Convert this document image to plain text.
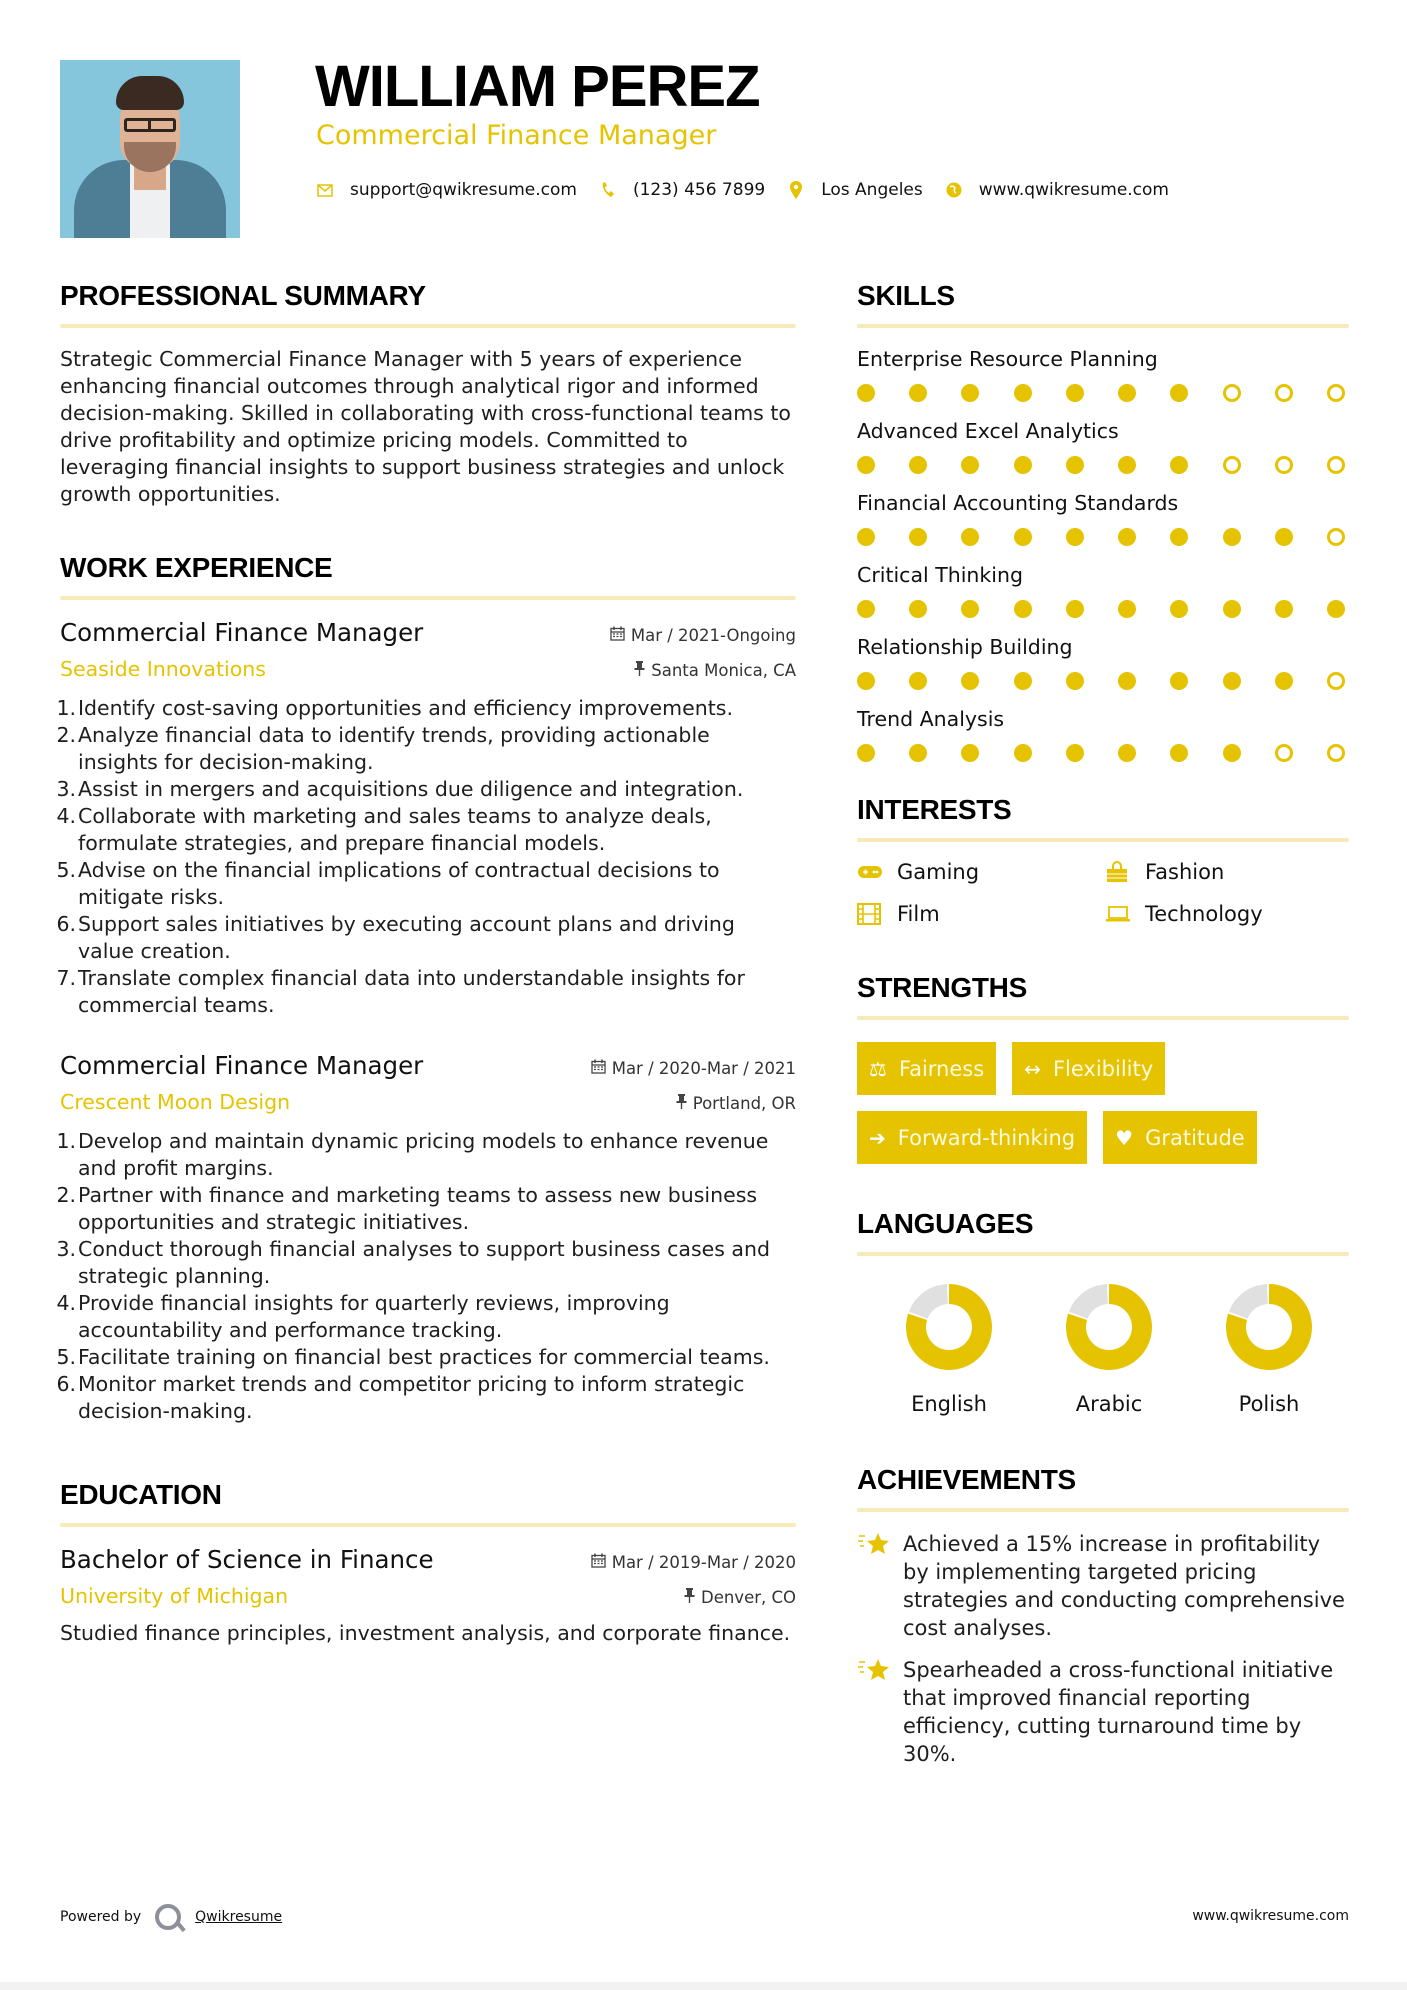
WILLIAM PEREZ
Commercial Finance Manager
support@qwikresume.com	(123) 456 7899	Los Angeles	www.qwikresume.com
PROFESSIONAL SUMMARY

Strategic Commercial Finance Manager with 5 years of experience enhancing financial outcomes through analytical rigor and informed decision-making. Skilled in collaborating with cross-functional teams to drive profitability and optimize pricing models. Committed to leveraging financial insights to support business strategies and unlock growth opportunities.

WORK EXPERIENCE
Commercial Finance Manager	Mar / 2021-Ongoing
Seaside Innovations	Santa Monica, CA
1. Identify cost-saving opportunities and efficiency improvements.
2. Analyze financial data to identify trends, providing actionable insights for decision-making.
3. Assist in mergers and acquisitions due diligence and integration.
4. Collaborate with marketing and sales teams to analyze deals, formulate strategies, and prepare financial models.
5. Advise on the financial implications of contractual decisions to mitigate risks.
6. Support sales initiatives by executing account plans and driving value creation.
7. Translate complex financial data into understandable insights for commercial teams.
Commercial Finance Manager	Mar / 2020-Mar / 2021
Crescent Moon Design	Portland, OR
1. Develop and maintain dynamic pricing models to enhance revenue and profit margins.
2. Partner with finance and marketing teams to assess new business opportunities and strategic initiatives.
3. Conduct thorough financial analyses to support business cases and strategic planning.
4. Provide financial insights for quarterly reviews, improving accountability and performance tracking.
5. Facilitate training on financial best practices for commercial teams.
6. Monitor market trends and competitor pricing to inform strategic decision-making.
EDUCATION
Bachelor of Science in Finance	Mar / 2019-Mar / 2020
University of Michigan	Denver, CO

Studied finance principles, investment analysis, and corporate finance.

SKILLS
Enterprise Resource Planning
Advanced Excel Analytics
Financial Accounting Standards
Critical Thinking
Relationship Building
Trend Analysis
INTERESTS
Gaming	Fashion
Film	Technology
STRENGTHS
⚖ Fairness ↔ Flexibility
➔ Forward-thinking ♥ Gratitude
LANGUAGES
English	Arabic	Polish
ACHIEVEMENTS
Achieved a 15% increase in profitability by implementing targeted pricing strategies and conducting comprehensive cost analyses.
Spearheaded a cross-functional initiative that improved financial reporting efficiency, cutting turnaround time by 30%.
Powered by	Qwikresume	www.qwikresume.com
